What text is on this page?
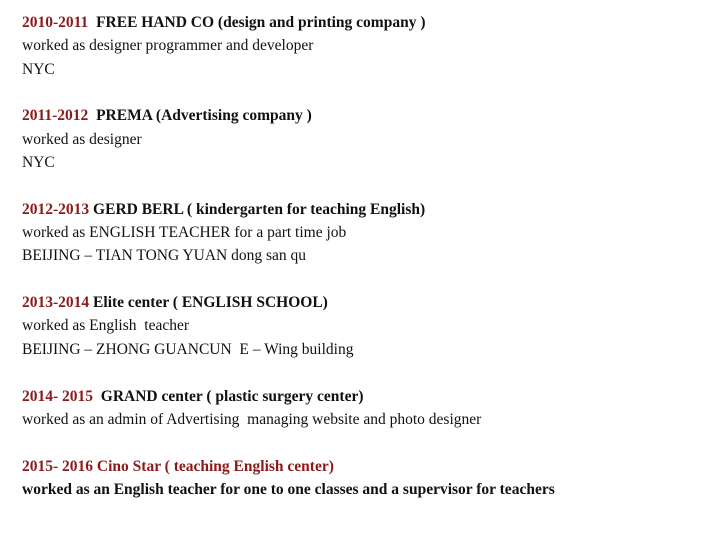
2010-2011  FREE HAND CO (design and printing company )
worked as designer programmer and developer
NYC
2011-2012  PREMA (Advertising company )
worked as designer
NYC
2012-2013 GERD BERL ( kindergarten for teaching English)
worked as ENGLISH TEACHER for a part time job
BEIJING – TIAN TONG YUAN dong san qu
2013-2014 Elite center ( ENGLISH SCHOOL)
worked as English  teacher
BEIJING – ZHONG GUANCUN  E – Wing building
2014- 2015  GRAND center ( plastic surgery center)
worked as an admin of Advertising  managing website and photo designer
2015- 2016 Cino Star ( teaching English center)
worked as an English teacher for one to one classes and a supervisor for teachers
